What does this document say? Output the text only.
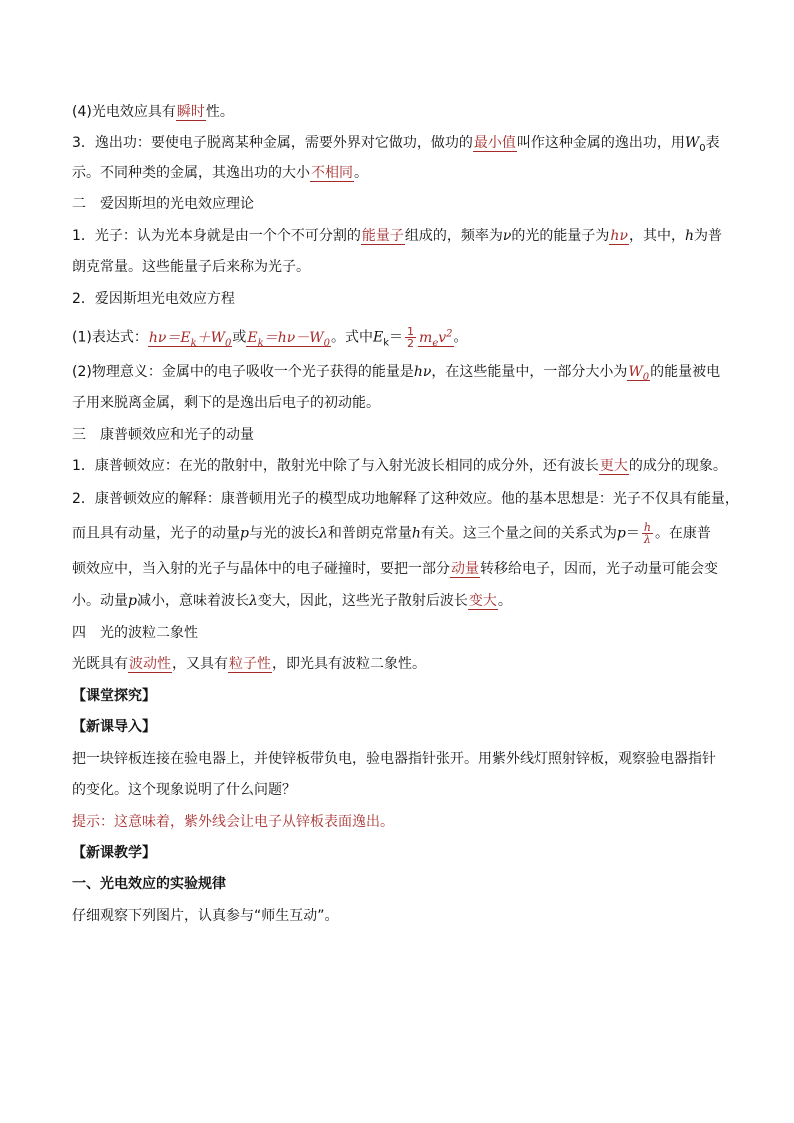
(4)光电效应具有瞬时性。
3．逸出功：要使电子脱离某种金属，需要外界对它做功，做功的最小值叫作这种金属的逸出功，用$W_0$表
示。不同种类的金属，其逸出功的大小不相同。
二　爱因斯坦的光电效应理论
1．光子：认为光本身就是由一个个不可分割的能量子组成的，频率为ν的光的能量子为hν，其中，h为普
朗克常量。这些能量子后来称为光子。
2．爱因斯坦光电效应方程
(1)表达式：$h\nu=E_k+W_0$或$E_k=h\nu-W_0$。式中$E_k= \frac{1}{2} m_ev^2$。
(2)物理意义：金属中的电子吸收一个光子获得的能量是hν，在这些能量中，一部分大小为$W_0$的能量被电
子用来脱离金属，剩下的是逸出后电子的初动能。
三　康普顿效应和光子的动量
1．康普顿效应：在光的散射中，散射光中除了与入射光波长相同的成分外，还有波长更大的成分的现象。
2．康普顿效应的解释：康普顿用光子的模型成功地解释了这种效应。他的基本思想是：光子不仅具有能量，
而且具有动量，光子的动量p与光的波长λ和普朗克常量h有关。这三个量之间的关系式为$p= \frac{h}{\lambda}$ 。在康普
顿效应中，当入射的光子与晶体中的电子碰撞时，要把一部分动量转移给电子，因而，光子动量可能会变
小。动量p减小，意味着波长λ变大，因此，这些光子散射后波长变大。
四　光的波粒二象性
光既具有波动性，又具有粒子性，即光具有波粒二象性。
【课堂探究】
【新课导入】
把一块锌板连接在验电器上，并使锌板带负电，验电器指针张开。用紫外线灯照射锌板，观察验电器指针
的变化。这个现象说明了什么问题？
提示：这意味着，紫外线会让电子从锌板表面逸出。
【新课教学】
一、光电效应的实验规律
仔细观察下列图片，认真参与“师生互动”。
